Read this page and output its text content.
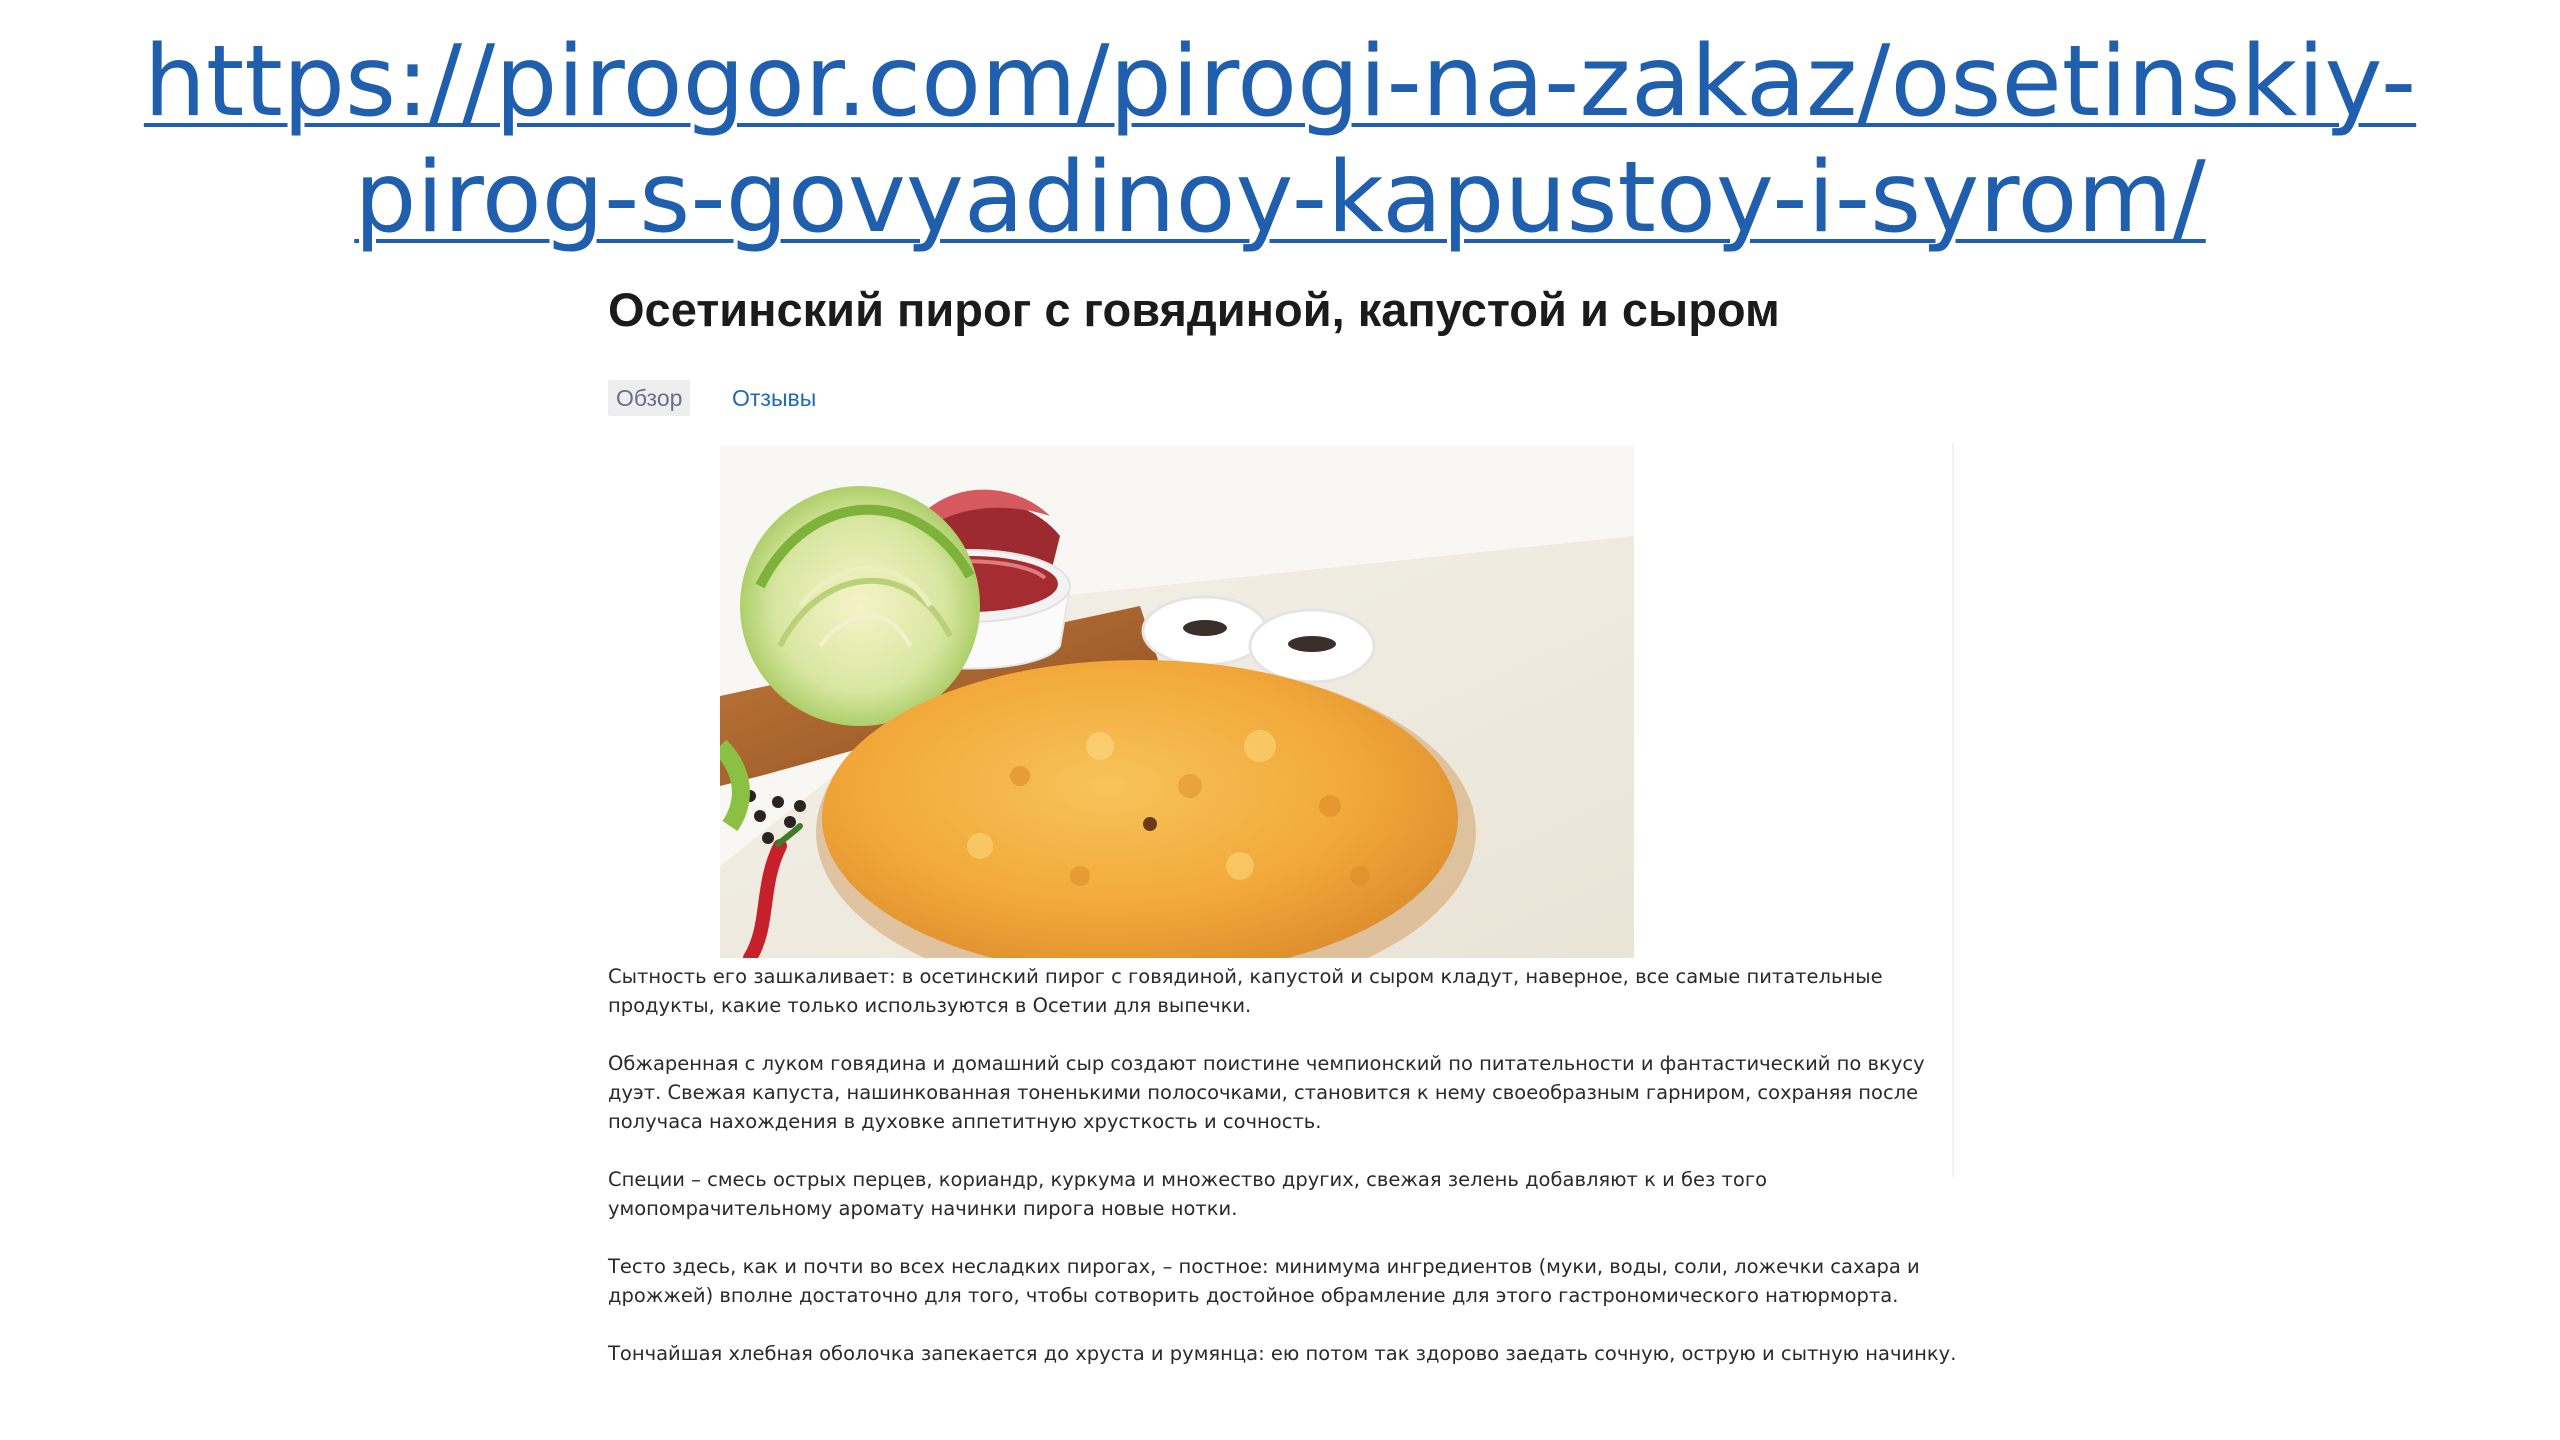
https://pirogor.com/pirogi-na-zakaz/osetinskiy-
pirog-s-govyadinoy-kapustoy-i-syrom/
Осетинский пирог с говядиной, капустой и сыром
Обзор	Отзывы

Сытность его зашкаливает: в осетинский пирог с говядиной, капустой и сыром кладут, наверное, все самые питательные продукты, какие только используются в Осетии для выпечки.

Обжаренная с луком говядина и домашний сыр создают поистине чемпионский по питательности и фантастический по вкусу дуэт. Свежая капуста, нашинкованная тоненькими полосочками, становится к нему своеобразным гарниром, сохраняя после получаса нахождения в духовке аппетитную хрусткость и сочность.

Специи – смесь острых перцев, кориандр, куркума и множество других, свежая зелень добавляют к и без того умопомрачительному аромату начинки пирога новые нотки.

Тесто здесь, как и почти во всех несладких пирогах, – постное: минимума ингредиентов (муки, воды, соли, ложечки сахара и дрожжей) вполне достаточно для того, чтобы сотворить достойное обрамление для этого гастрономического натюрморта.

Тончайшая хлебная оболочка запекается до хруста и румянца: ею потом так здорово заедать сочную, острую и сытную начинку.
